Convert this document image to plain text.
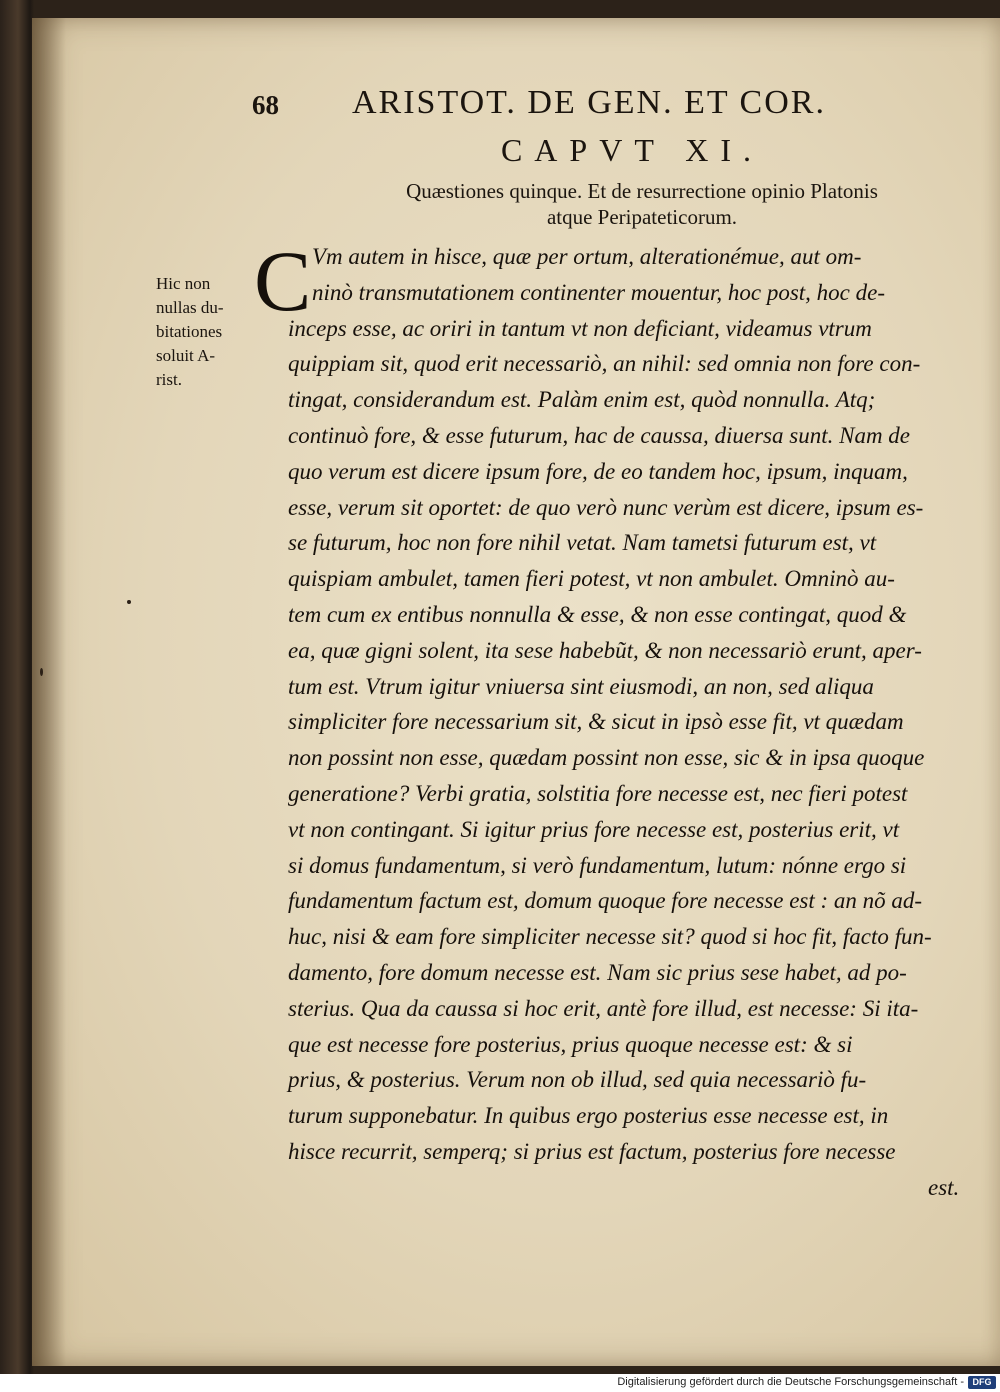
68 ARISTOT. DE GEN. ET COR.
CAPVT XI.
Quæstiones quinque. Et de resurrectione opinio Platonis
atque Peripateticorum.
Hic non
nullas du-
bitationes
soluit A-
rist.
C Vm autem in hisce, quæ per ortum, alterationémue, aut om-
ninò transmutationem continenter mouentur, hoc post, hoc de-
inceps esse, ac oriri in tantum vt non deficiant, videamus vtrum
quippiam sit, quod erit necessariò, an nihil: sed omnia non fore con-
tingat, considerandum est. Palàm enim est, quòd nonnulla. Atq;
continuò fore, & esse futurum, hac de caussa, diuersa sunt. Nam de
quo verum est dicere ipsum fore, de eo tandem hoc, ipsum, inquam,
esse, verum sit oportet: de quo verò nunc verùm est dicere, ipsum es-
se futurum, hoc non fore nihil vetat. Nam tametsi futurum est, vt
quispiam ambulet, tamen fieri potest, vt non ambulet. Omninò au-
tem cum ex entibus nonnulla & esse, & non esse contingat, quod &
ea, quæ gigni solent, ita sese habebũt, & non necessariò erunt, aper-
tum est. Vtrum igitur vniuersa sint eiusmodi, an non, sed aliqua
simpliciter fore necessarium sit, & sicut in ipsò esse fit, vt quædam
non possint non esse, quædam possint non esse, sic & in ipsa quoque
generatione? Verbi gratia, solstitia fore necesse est, nec fieri potest
vt non contingant. Si igitur prius fore necesse est, posterius erit, vt
si domus fundamentum, si verò fundamentum, lutum: nónne ergo si
fundamentum factum est, domum quoque fore necesse est : an nõ ad-
huc, nisi & eam fore simpliciter necesse sit? quod si hoc fit, facto fun-
damento, fore domum necesse est. Nam sic prius sese habet, ad po-
sterius. Qua da caussa si hoc erit, antè fore illud, est necesse: Si ita-
que est necesse fore posterius, prius quoque necesse est: & si
prius, & posterius. Verum non ob illud, sed quia necessariò fu-
turum supponebatur. In quibus ergo posterius esse necesse est, in
hisce recurrit, semperq; si prius est factum, posterius fore necesse
est.
Digitalisierung gefördert durch die Deutsche Forschungsgemeinschaft - DFG
